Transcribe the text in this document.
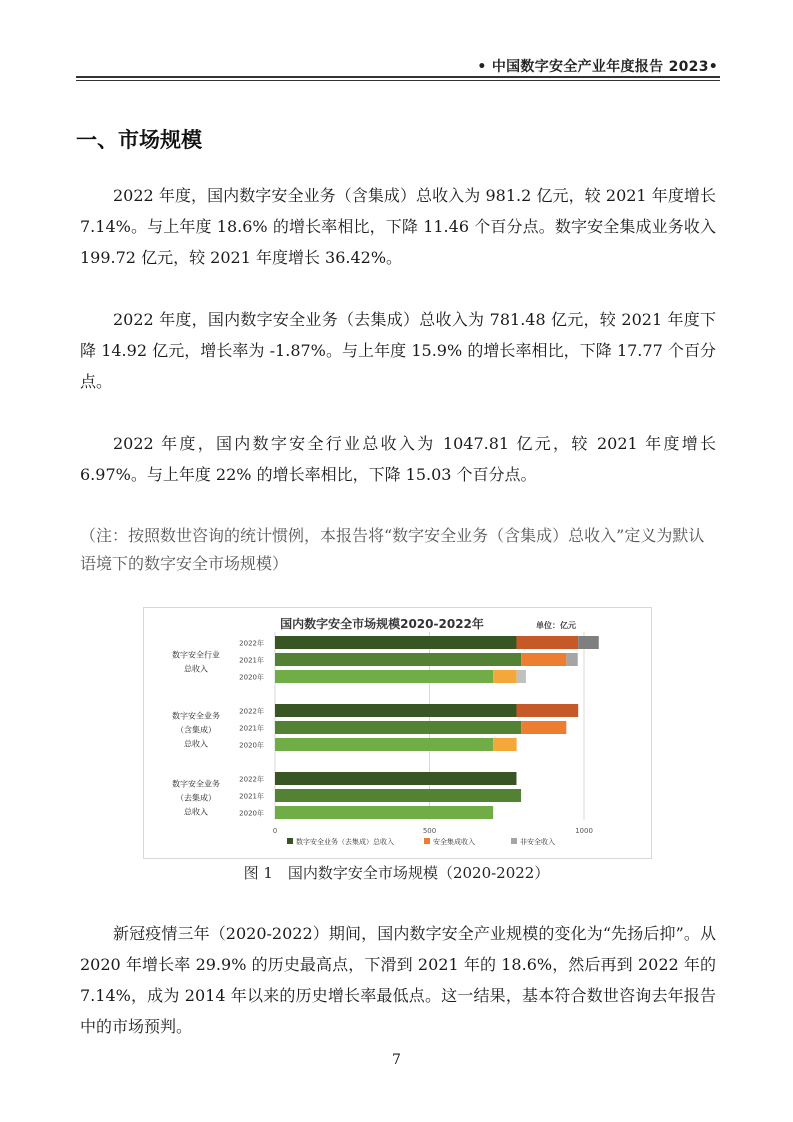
• 中国数字安全产业年度报告 2023•
一、市场规模

2022 年度，国内数字安全业务（含集成）总收入为 981.2 亿元，较 2021 年度增长 7.14%。与上年度 18.6% 的增长率相比，下降 11.46 个百分点。数字安全集成业务收入 199.72 亿元，较 2021 年度增长 36.42%。

2022 年度，国内数字安全业务（去集成）总收入为 781.48 亿元，较 2021 年度下降 14.92 亿元，增长率为 -1.87%。与上年度 15.9% 的增长率相比，下降 17.77 个百分点。

2022 年度，国内数字安全行业总收入为 1047.81 亿元，较 2021 年度增长 6.97%。与上年度 22% 的增长率相比，下降 15.03 个百分点。

（注：按照数世咨询的统计惯例，本报告将“数字安全业务（含集成）总收入”定义为默认语境下的数字安全市场规模）

国内数字安全市场规模2020-2022年	单位：亿元
0	500	1000
数字安全行业
总收入
2022年
2021年
2020年
数字安全业务
（含集成）
总收入
2022年
2021年
2020年
数字安全业务
（去集成）
总收入
2022年
2021年
2020年
数字安全业务（去集成）总收入	安全集成收入	非安全收入
图 1　国内数字安全市场规模（2020-2022）

新冠疫情三年（2020-2022）期间，国内数字安全产业规模的变化为“先扬后抑”。从 2020 年增长率 29.9% 的历史最高点，下滑到 2021 年的 18.6%，然后再到 2022 年的 7.14%，成为 2014 年以来的历史增长率最低点。这一结果，基本符合数世咨询去年报告中的市场预判。

7
